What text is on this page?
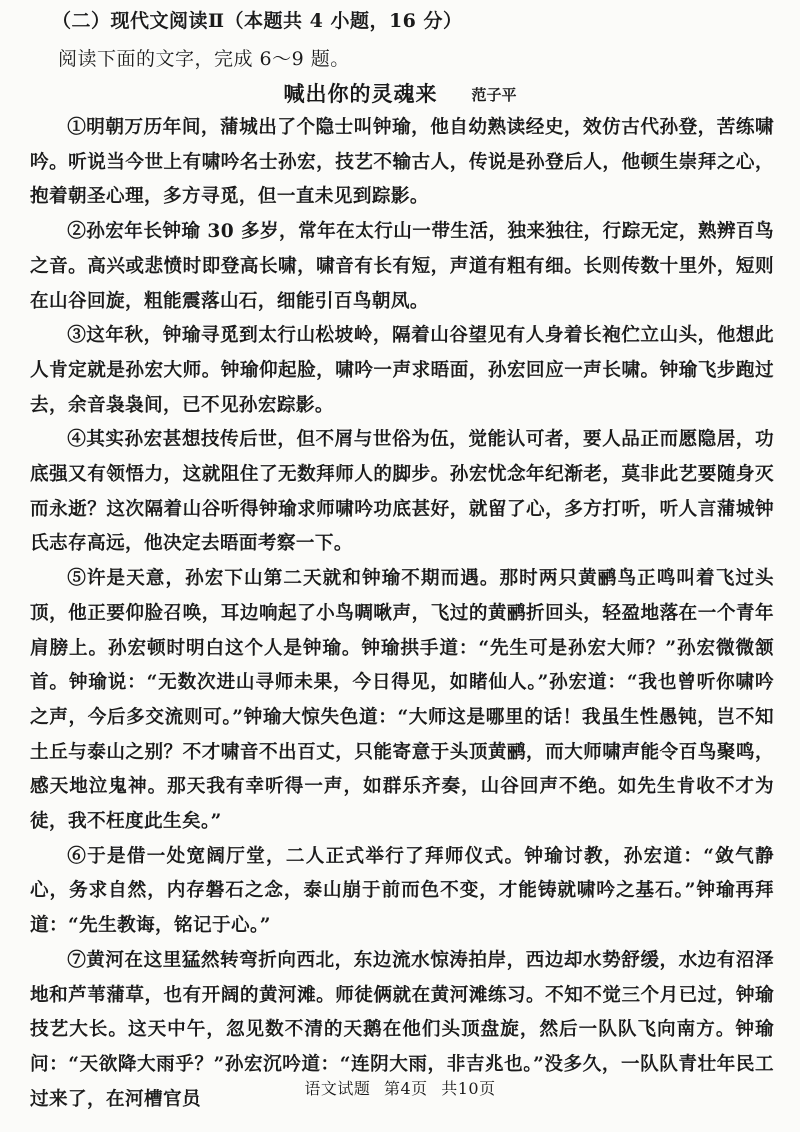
（二）现代文阅读Ⅱ（本题共 4 小题，16 分）
阅读下面的文字，完成 6～9 题。
喊出你的灵魂来 范子平

①明朝万历年间，蒲城出了个隐士叫钟瑜，他自幼熟读经史，效仿古代孙登，苦练啸吟。听说当今世上有啸吟名士孙宏，技艺不输古人，传说是孙登后人，他顿生崇拜之心，抱着朝圣心理，多方寻觅，但一直未见到踪影。

②孙宏年长钟瑜 30 多岁，常年在太行山一带生活，独来独往，行踪无定，熟辨百鸟之音。高兴或悲愤时即登高长啸，啸音有长有短，声道有粗有细。长则传数十里外，短则在山谷回旋，粗能震落山石，细能引百鸟朝凤。

③这年秋，钟瑜寻觅到太行山松坡岭，隔着山谷望见有人身着长袍伫立山头，他想此人肯定就是孙宏大师。钟瑜仰起脸，啸吟一声求晤面，孙宏回应一声长啸。钟瑜飞步跑过去，余音袅袅间，已不见孙宏踪影。

④其实孙宏甚想技传后世，但不屑与世俗为伍，觉能认可者，要人品正而愿隐居，功底强又有领悟力，这就阻住了无数拜师人的脚步。孙宏忧念年纪渐老，莫非此艺要随身灭而永逝？这次隔着山谷听得钟瑜求师啸吟功底甚好，就留了心，多方打听，听人言蒲城钟氏志存高远，他决定去晤面考察一下。

⑤许是天意，孙宏下山第二天就和钟瑜不期而遇。那时两只黄鹂鸟正鸣叫着飞过头顶，他正要仰脸召唤，耳边响起了小鸟啁啾声，飞过的黄鹂折回头，轻盈地落在一个青年肩膀上。孙宏顿时明白这个人是钟瑜。钟瑜拱手道：“先生可是孙宏大师？”孙宏微微颔首。钟瑜说：“无数次进山寻师未果，今日得见，如睹仙人。”孙宏道：“我也曾听你啸吟之声，今后多交流则可。”钟瑜大惊失色道：“大师这是哪里的话！我虽生性愚钝，岂不知土丘与泰山之别？不才啸音不出百丈，只能寄意于头顶黄鹂，而大师啸声能令百鸟聚鸣，感天地泣鬼神。那天我有幸听得一声，如群乐齐奏，山谷回声不绝。如先生肯收不才为徒，我不枉度此生矣。”

⑥于是借一处宽阔厅堂，二人正式举行了拜师仪式。钟瑜讨教，孙宏道：“敛气静心，务求自然，内存磐石之念，泰山崩于前而色不变，才能铸就啸吟之基石。”钟瑜再拜道：“先生教诲，铭记于心。”

⑦黄河在这里猛然转弯折向西北，东边流水惊涛拍岸，西边却水势舒缓，水边有沼泽地和芦苇蒲草，也有开阔的黄河滩。师徒俩就在黄河滩练习。不知不觉三个月已过，钟瑜技艺大长。这天中午，忽见数不清的天鹅在他们头顶盘旋，然后一队队飞向南方。钟瑜问：“天欲降大雨乎？”孙宏沉吟道：“连阴大雨，非吉兆也。”没多久，一队队青壮年民工过来了，在河槽官员

语文试题 第4页 共10页
